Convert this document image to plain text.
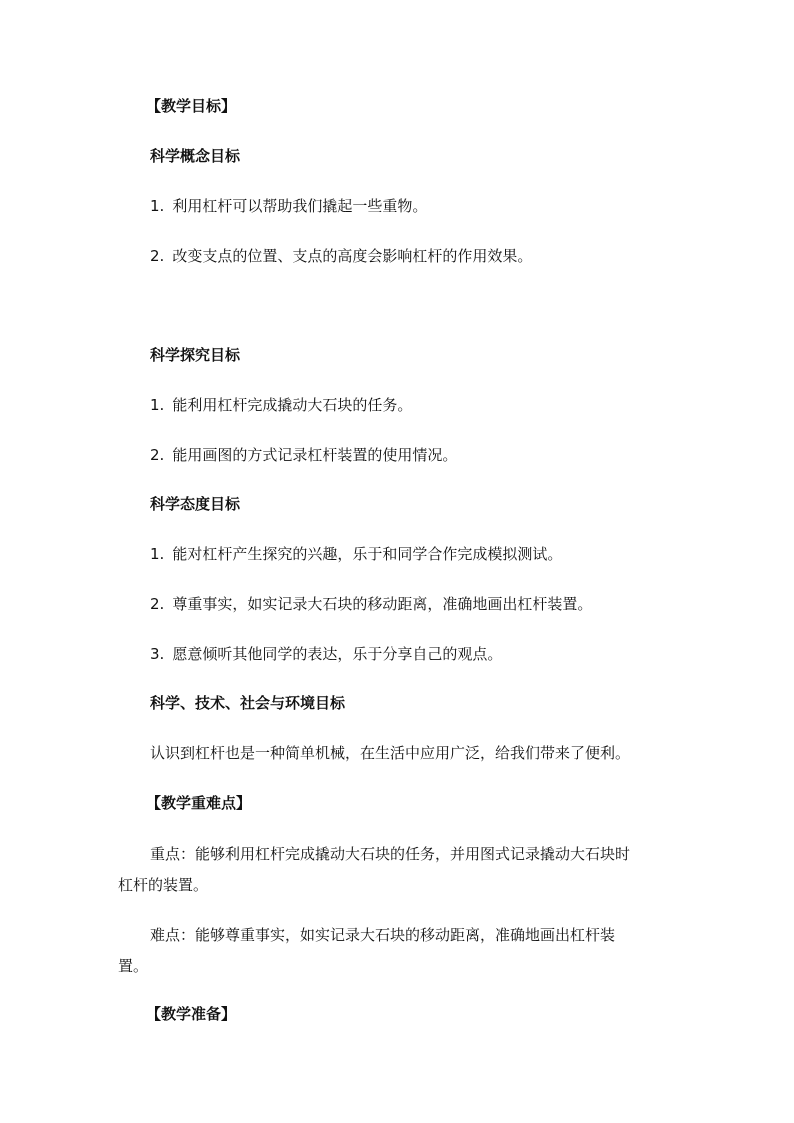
【教学目标】
科学概念目标
1. 利用杠杆可以帮助我们撬起一些重物。
2. 改变支点的位置、支点的高度会影响杠杆的作用效果。
科学探究目标
1. 能利用杠杆完成撬动大石块的任务。
2. 能用画图的方式记录杠杆装置的使用情况。
科学态度目标
1. 能对杠杆产生探究的兴趣，乐于和同学合作完成模拟测试。
2. 尊重事实，如实记录大石块的移动距离，准确地画出杠杆装置。
3. 愿意倾听其他同学的表达，乐于分享自己的观点。
科学、技术、社会与环境目标
认识到杠杆也是一种简单机械，在生活中应用广泛，给我们带来了便利。
【教学重难点】
重点：能够利用杠杆完成撬动大石块的任务，并用图式记录撬动大石块时
杠杆的装置。
难点：能够尊重事实，如实记录大石块的移动距离，准确地画出杠杆装
置。
【教学准备】
